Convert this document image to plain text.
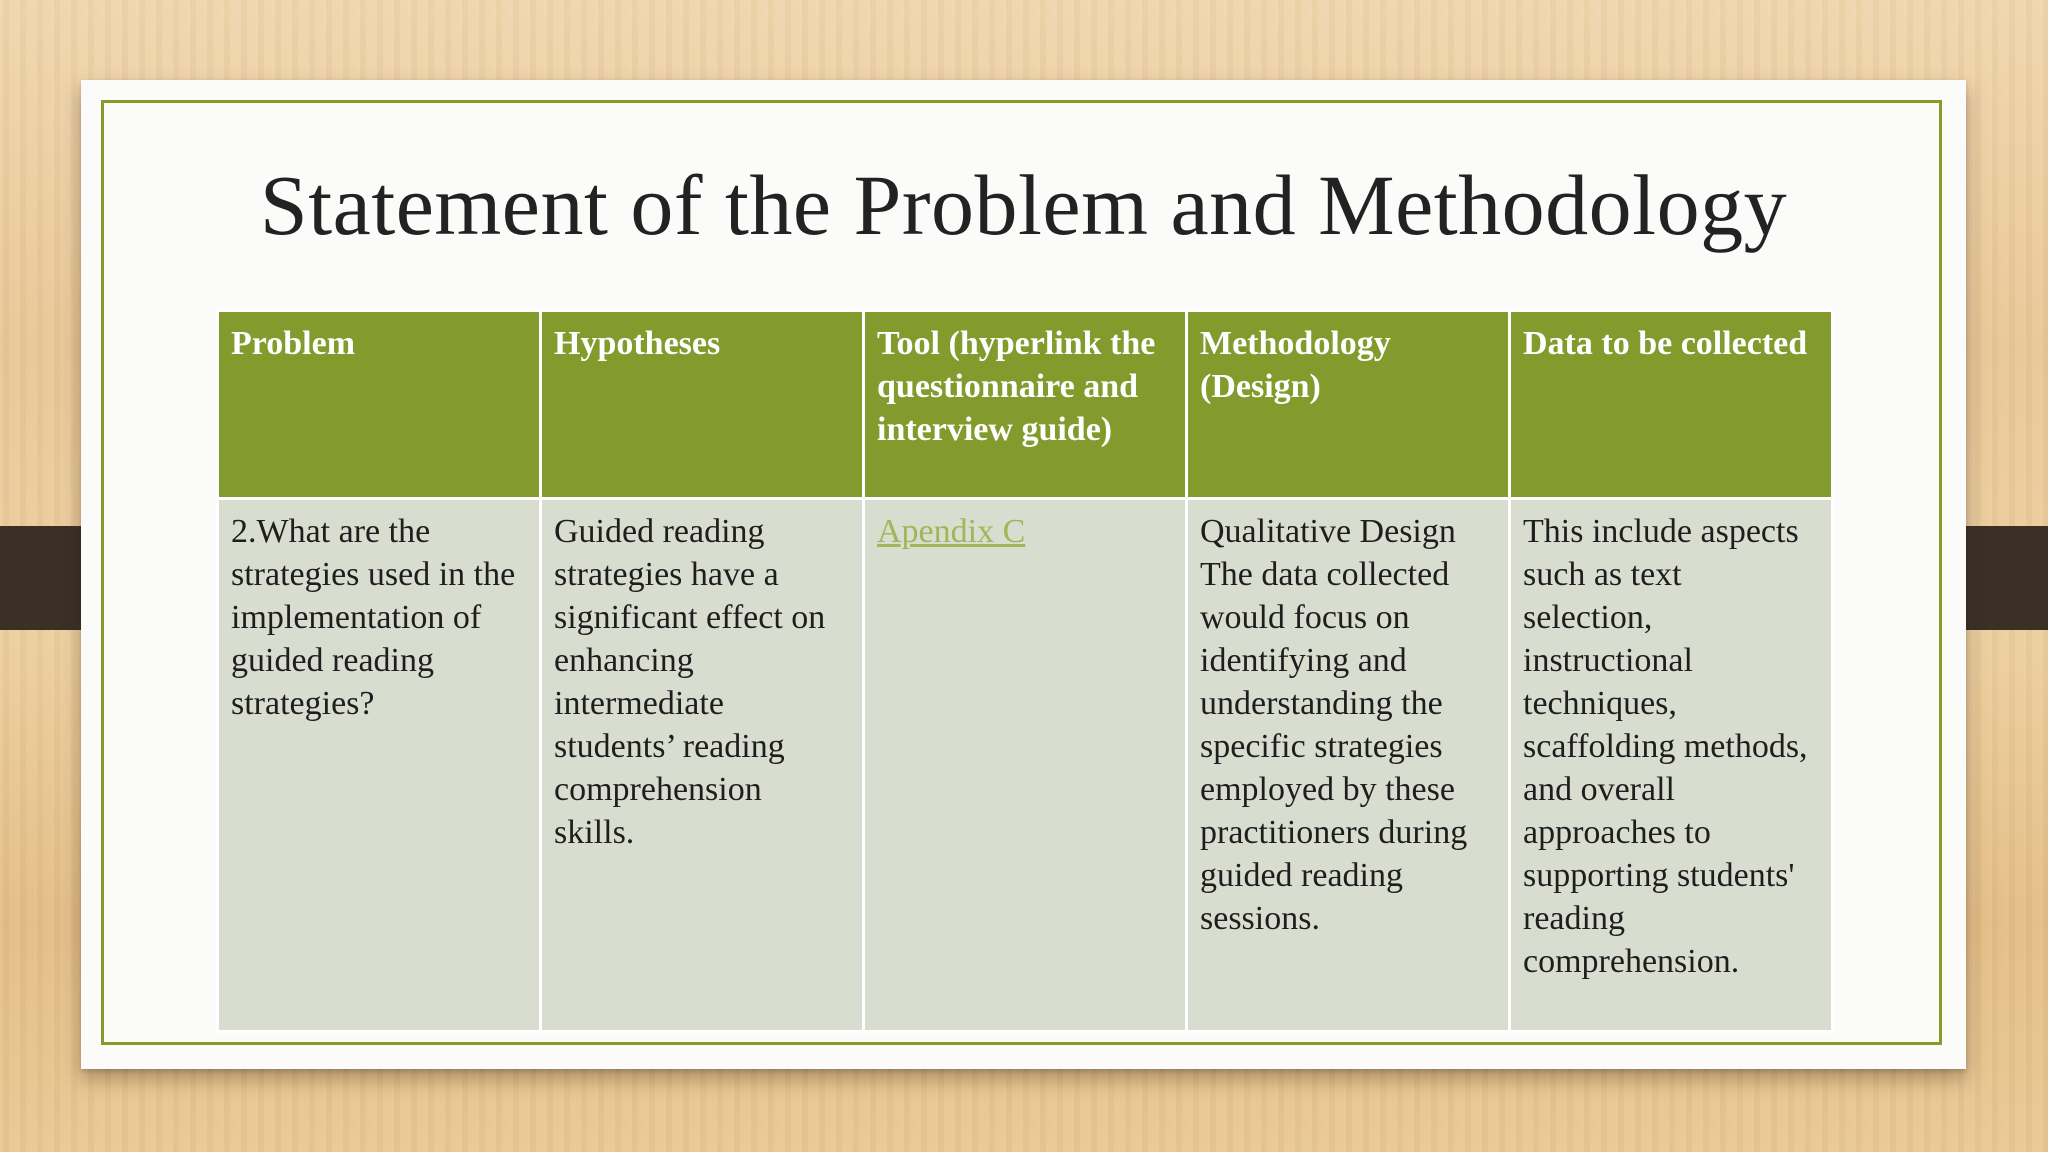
Statement of the Problem and Methodology
Problem	Hypotheses	Tool (hyperlink the questionnaire and interview guide)	Methodology (Design)	Data to be collected
2.What are the strategies used in the implementation of guided reading strategies?	Guided reading strategies have a significant effect on enhancing intermediate students’ reading comprehension skills.	Apendix C	Qualitative Design The data collected would focus on identifying and understanding the specific strategies employed by these practitioners during guided reading sessions.	This include aspects such as text selection, instructional techniques, scaffolding methods, and overall approaches to supporting students' reading comprehension.
